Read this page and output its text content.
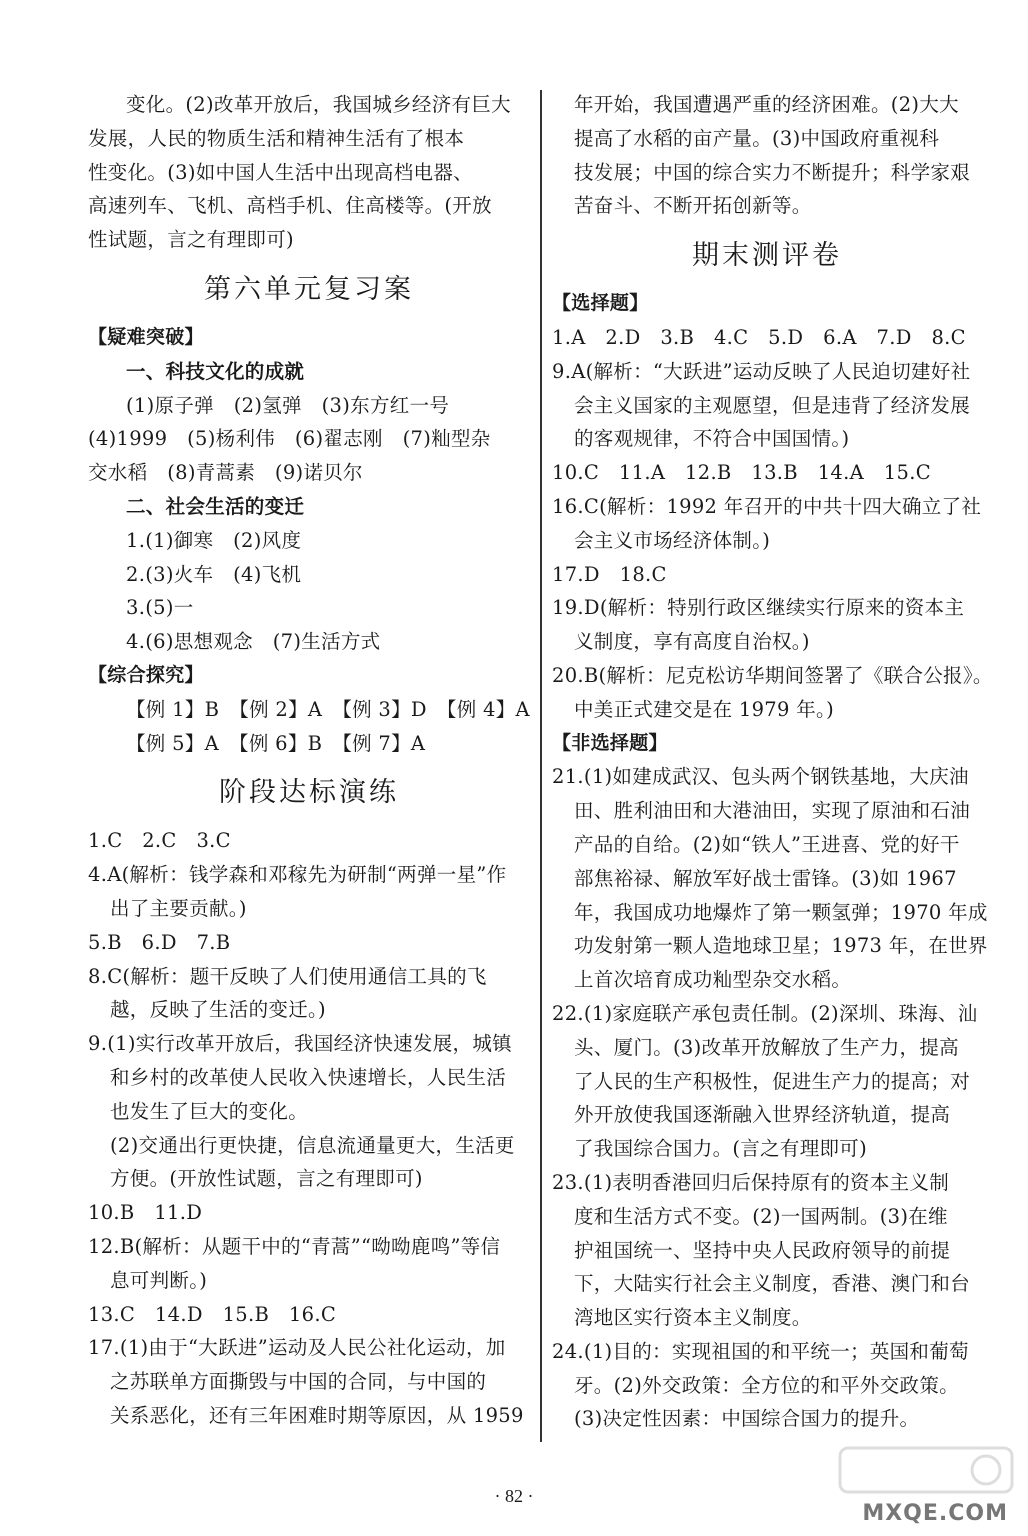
变化。(2)改革开放后，我国城乡经济有巨大
发展，人民的物质生活和精神生活有了根本
性变化。(3)如中国人生活中出现高档电器、
高速列车、飞机、高档手机、住高楼等。(开放
性试题，言之有理即可)
第六单元复习案
【疑难突破】
一、科技文化的成就
(1)原子弹　(2)氢弹　(3)东方红一号
(4)1999　(5)杨利伟　(6)翟志刚　(7)籼型杂
交水稻　(8)青蒿素　(9)诺贝尔
二、社会生活的变迁
1.(1)御寒　(2)风度
2.(3)火车　(4)飞机
3.(5)一
4.(6)思想观念　(7)生活方式
【综合探究】
【例 1】B　【例 2】A　【例 3】D　【例 4】A
【例 5】A　【例 6】B　【例 7】A
阶段达标演练
1.C　2.C　3.C
4.A(解析：钱学森和邓稼先为研制“两弹一星”作
出了主要贡献。)
5.B　6.D　7.B
8.C(解析：题干反映了人们使用通信工具的飞
越，反映了生活的变迁。)
9.(1)实行改革开放后，我国经济快速发展，城镇
和乡村的改革使人民收入快速增长，人民生活
也发生了巨大的变化。
(2)交通出行更快捷，信息流通量更大，生活更
方便。(开放性试题，言之有理即可)
10.B　11.D
12.B(解析：从题干中的“青蒿”“呦呦鹿鸣”等信
息可判断。)
13.C　14.D　15.B　16.C
17.(1)由于“大跃进”运动及人民公社化运动，加
之苏联单方面撕毁与中国的合同，与中国的
关系恶化，还有三年困难时期等原因，从 1959
年开始，我国遭遇严重的经济困难。(2)大大
提高了水稻的亩产量。(3)中国政府重视科
技发展；中国的综合实力不断提升；科学家艰
苦奋斗、不断开拓创新等。
期末测评卷
【选择题】
1.A　2.D　3.B　4.C　5.D　6.A　7.D　8.C
9.A(解析：“大跃进”运动反映了人民迫切建好社
会主义国家的主观愿望，但是违背了经济发展
的客观规律，不符合中国国情。)
10.C　11.A　12.B　13.B　14.A　15.C
16.C(解析：1992 年召开的中共十四大确立了社
会主义市场经济体制。)
17.D　18.C
19.D(解析：特别行政区继续实行原来的资本主
义制度，享有高度自治权。)
20.B(解析：尼克松访华期间签署了《联合公报》。
中美正式建交是在 1979 年。)
【非选择题】
21.(1)如建成武汉、包头两个钢铁基地，大庆油
田、胜利油田和大港油田，实现了原油和石油
产品的自给。(2)如“铁人”王进喜、党的好干
部焦裕禄、解放军好战士雷锋。(3)如 1967
年，我国成功地爆炸了第一颗氢弹；1970 年成
功发射第一颗人造地球卫星；1973 年，在世界
上首次培育成功籼型杂交水稻。
22.(1)家庭联产承包责任制。(2)深圳、珠海、汕
头、厦门。(3)改革开放解放了生产力，提高
了人民的生产积极性，促进生产力的提高；对
外开放使我国逐渐融入世界经济轨道，提高
了我国综合国力。(言之有理即可)
23.(1)表明香港回归后保持原有的资本主义制
度和生活方式不变。(2)一国两制。(3)在维
护祖国统一、坚持中央人民政府领导的前提
下，大陆实行社会主义制度，香港、澳门和台
湾地区实行资本主义制度。
24.(1)目的：实现祖国的和平统一；英国和葡萄
牙。(2)外交政策：全方位的和平外交政策。
(3)决定性因素：中国综合国力的提升。
· 82 ·
MXQE.COM
